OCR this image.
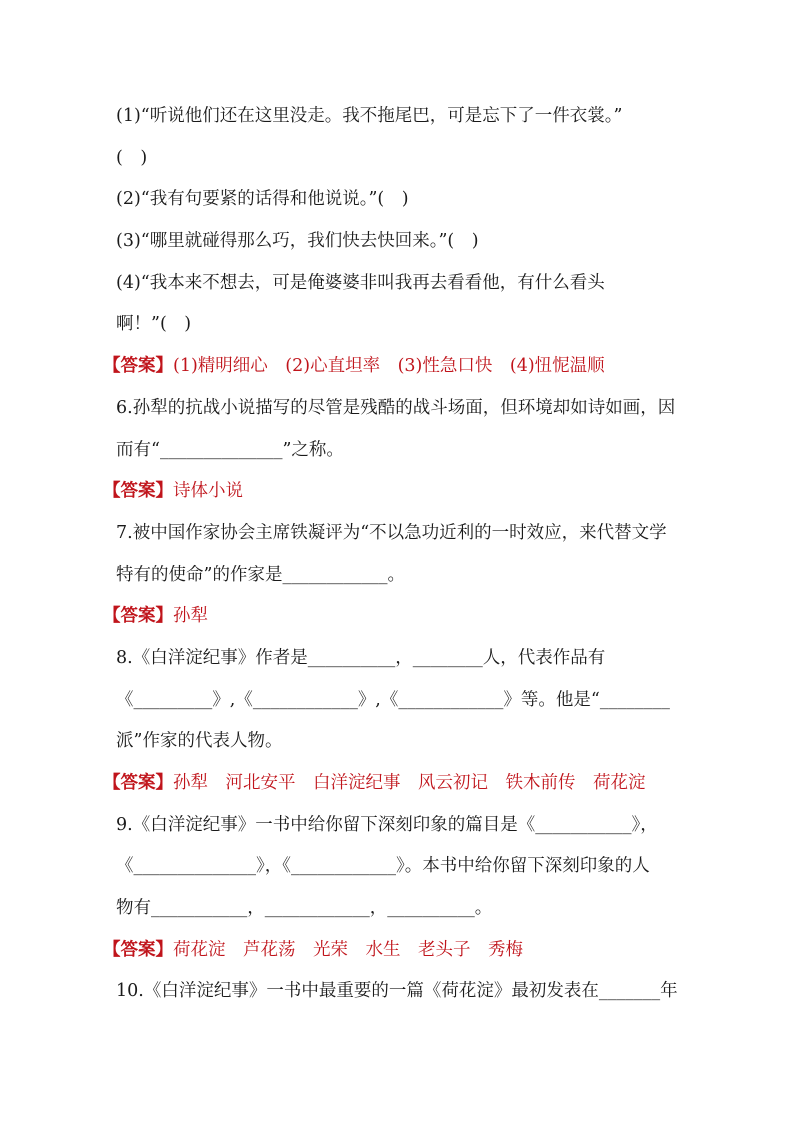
(1)“听说他们还在这里没走。我不拖尾巴，可是忘下了一件衣裳。”
(　)
(2)“我有句要紧的话得和他说说。”(　)
(3)“哪里就碰得那么巧，我们快去快回来。”(　)
(4)“我本来不想去，可是俺婆婆非叫我再去看看他，有什么看头
啊！”(　)
【答案】(1)精明细心　(2)心直坦率　(3)性急口快　(4)忸怩温顺
6.孙犁的抗战小说描写的尽管是残酷的战斗场面，但环境却如诗如画，因
而有“______________”之称。
【答案】诗体小说
7.被中国作家协会主席铁凝评为“不以急功近利的一时效应，来代替文学
特有的使命”的作家是____________。
【答案】孙犁
8.《白洋淀纪事》作者是__________，________人，代表作品有
《_________》,《____________》,《____________》等。他是“________
派”作家的代表人物。
【答案】孙犁　河北安平　白洋淀纪事　风云初记　铁木前传　荷花淀
9.《白洋淀纪事》一书中给你留下深刻印象的篇目是《___________》，
《______________》，《____________》。本书中给你留下深刻印象的人
物有___________，____________，__________。
【答案】荷花淀　芦花荡　光荣　水生　老头子　秀梅
10.《白洋淀纪事》一书中最重要的一篇《荷花淀》最初发表在_______年
